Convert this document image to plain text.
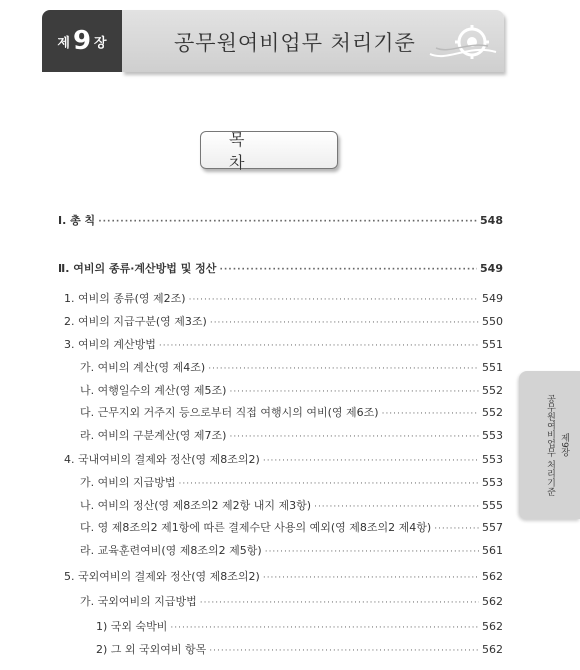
제 9 장	공무원여비업무 처리기준
목 차
Ⅰ. 총 칙 ·····	548
Ⅱ. 여비의 종류·계산방법 및 정산 ·····	549
1. 여비의 종류(영 제2조) ·····	549
2. 여비의 지급구분(영 제3조) ·····	550
3. 여비의 계산방법 ·····	551
가. 여비의 계산(영 제4조) ·····	551
나. 여행일수의 계산(영 제5조) ·····	552
다. 근무지외 거주지 등으로부터 직접 여행시의 여비(영 제6조) ·····	552
라. 여비의 구분계산(영 제7조) ·····	553
4. 국내여비의 결제와 정산(영 제8조의2) ·····	553
가. 여비의 지급방법 ·····	553
나. 여비의 정산(영 제8조의2 제2항 내지 제3항) ·····	555
다. 영 제8조의2 제1항에 따른 결제수단 사용의 예외(영 제8조의2 제4항) ·····	557
라. 교육훈련여비(영 제8조의2 제5항) ·····	561
5. 국외여비의 결제와 정산(영 제8조의2) ·····	562
가. 국외여비의 지급방법 ·····	562
1) 국외 숙박비 ·····	562
2) 그 외 국외여비 항목 ·····	562
제9장
공무원여비업무 처리기준
